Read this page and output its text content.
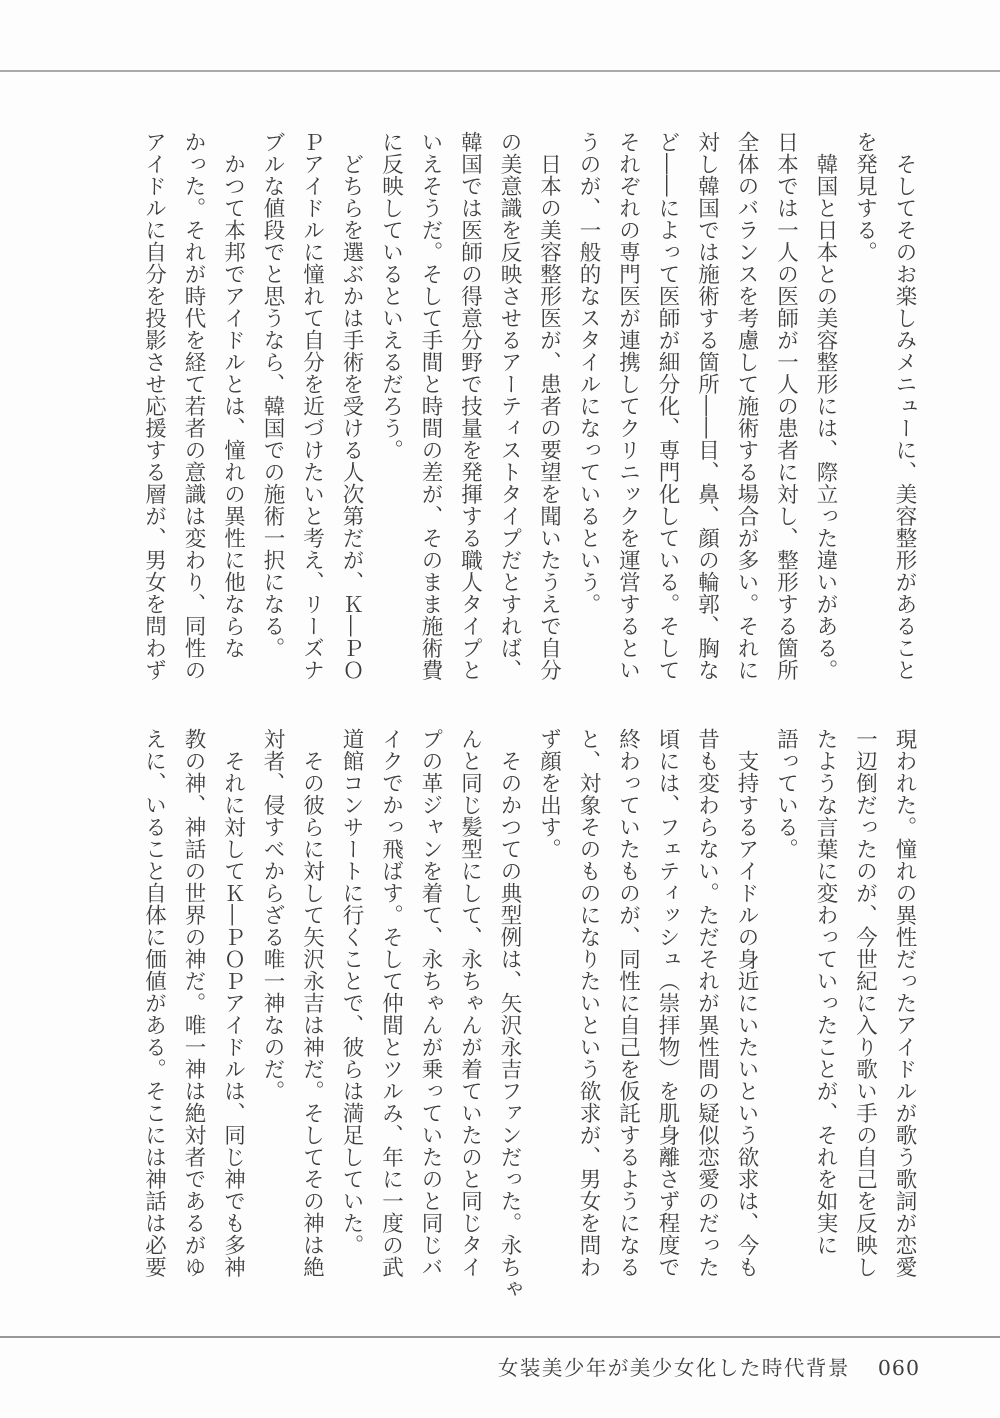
　そしてそのお楽しみメニューに、美容整形があること
を発見する。
　韓国と日本との美容整形には、際立った違いがある。
日本では一人の医師が一人の患者に対し、整形する箇所
全体のバランスを考慮して施術する場合が多い。それに
対し韓国では施術する箇所――目、鼻、顔の輪郭、胸な
ど――によって医師が細分化、専門化している。そして
それぞれの専門医が連携してクリニックを運営するとい
うのが、一般的なスタイルになっているという。
　日本の美容整形医が、患者の要望を聞いたうえで自分
の美意識を反映させるアーティストタイプだとすれば、
韓国では医師の得意分野で技量を発揮する職人タイプと
いえそうだ。そして手間と時間の差が、そのまま施術費
に反映しているといえるだろう。
　どちらを選ぶかは手術を受ける人次第だが、Ｋ―ＰＯ
Ｐアイドルに憧れて自分を近づけたいと考え、リーズナ
ブルな値段でと思うなら、韓国での施術一択になる。
　かつて本邦でアイドルとは、憧れの異性に他ならな
かった。それが時代を経て若者の意識は変わり、同性の
アイドルに自分を投影させ応援する層が、男女を問わず
現われた。憧れの異性だったアイドルが歌う歌詞が恋愛
一辺倒だったのが、今世紀に入り歌い手の自己を反映し
たような言葉に変わっていったことが、それを如実に
語っている。
　支持するアイドルの身近にいたいという欲求は、今も
昔も変わらない。ただそれが異性間の疑似恋愛のだった
頃には、フェティッシュ（崇拝物）を肌身離さず程度で
終わっていたものが、同性に自己を仮託するようになる
と、対象そのものになりたいという欲求が、男女を問わ
ず顔を出す。
　そのかつての典型例は、矢沢永吉ファンだった。永ちゃ
んと同じ髪型にして、永ちゃんが着ていたのと同じタイ
プの革ジャンを着て、永ちゃんが乗っていたのと同じバ
イクでかっ飛ばす。そして仲間とツルみ、年に一度の武
道館コンサートに行くことで、彼らは満足していた。
　その彼らに対して矢沢永吉は神だ。そしてその神は絶
対者、侵すべからざる唯一神なのだ。
　それに対してＫ―ＰＯＰアイドルは、同じ神でも多神
教の神、神話の世界の神だ。唯一神は絶対者であるがゆ
えに、いること自体に価値がある。そこには神話は必要
女装美少年が美少女化した時代背景 060
